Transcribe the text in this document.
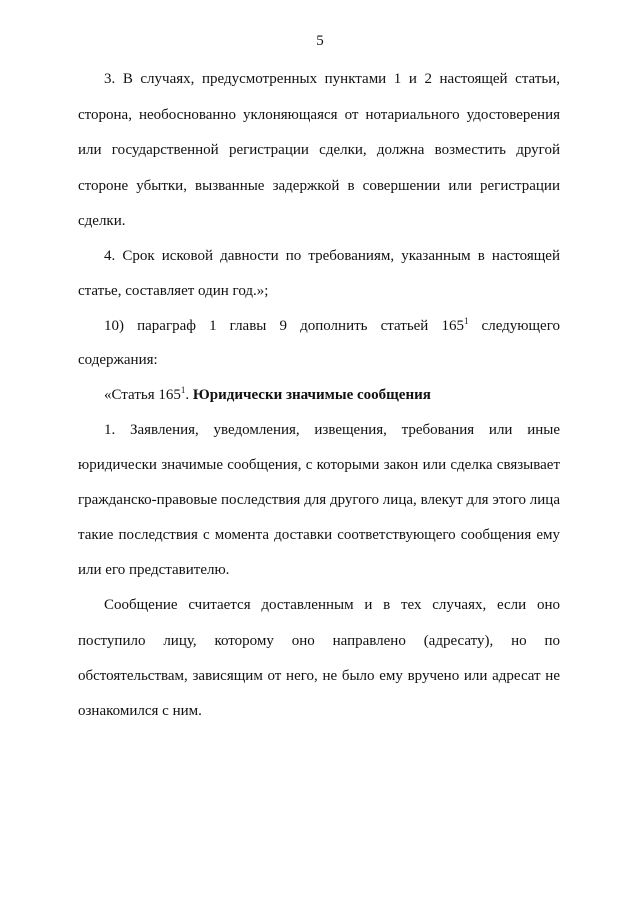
5
3. В случаях, предусмотренных пунктами 1 и 2 настоящей статьи,
сторона, необоснованно уклоняющаяся от нотариального удостоверения
или государственной регистрации сделки, должна возместить другой
стороне убытки, вызванные задержкой в совершении или регистрации
сделки.
4. Срок исковой давности по требованиям, указанным в настоящей
статье, составляет один год.»;
10) параграф 1 главы 9 дополнить статьей $165^1$ следующего
содержания:
«Статья $165^1$. Юридически значимые сообщения
1. Заявления, уведомления, извещения, требования или иные
юридически значимые сообщения, с которыми закон или сделка связывает
гражданско-правовые последствия для другого лица, влекут для этого лица
такие последствия с момента доставки соответствующего сообщения ему
или его представителю.
Сообщение считается доставленным и в тех случаях, если оно
поступило лицу, которому оно направлено (адресату), но по
обстоятельствам, зависящим от него, не было ему вручено или адресат не
ознакомился с ним.
